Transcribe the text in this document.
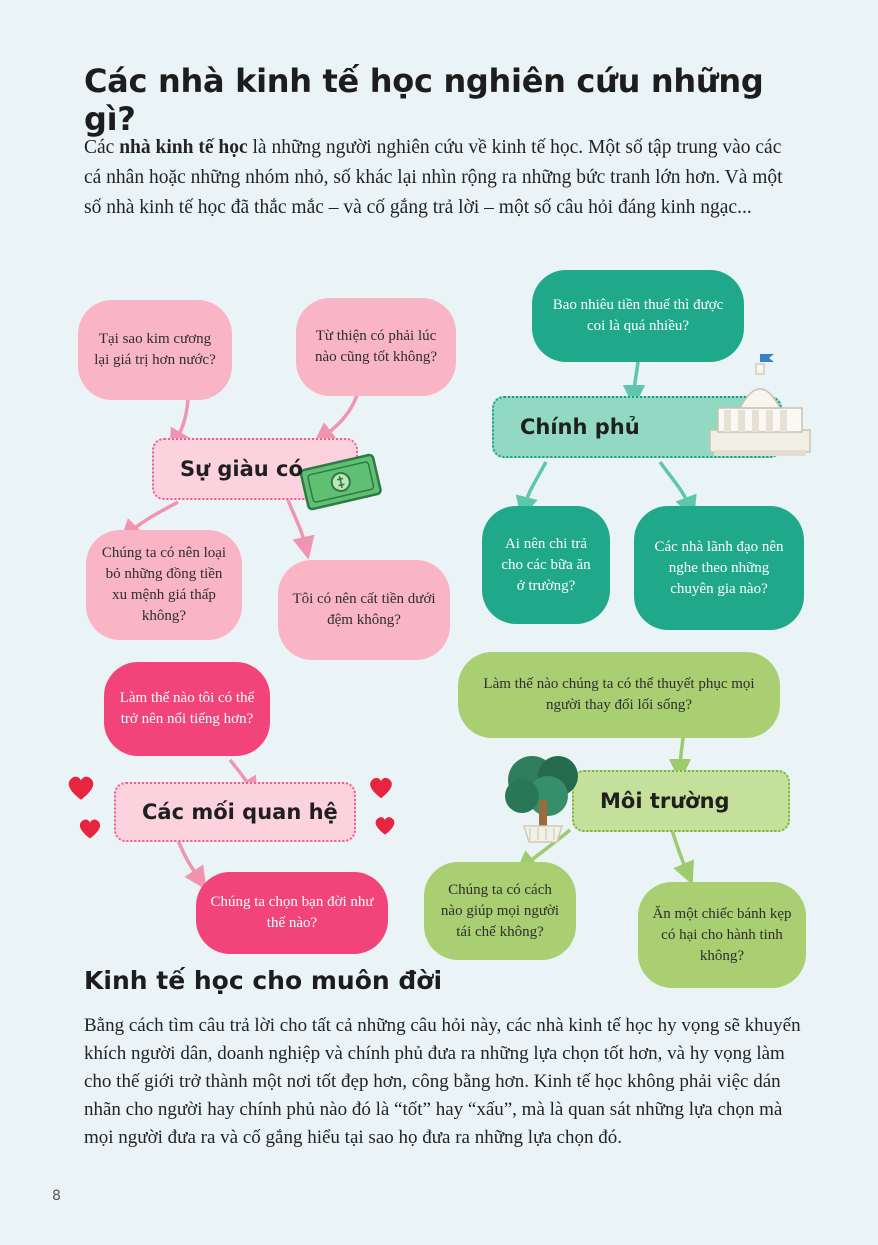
Các nhà kinh tế học nghiên cứu những gì?
Các nhà kinh tế học là những người nghiên cứu về kinh tế học. Một số tập trung vào các cá nhân hoặc những nhóm nhỏ, số khác lại nhìn rộng ra những bức tranh lớn hơn. Và một số nhà kinh tế học đã thắc mắc – và cố gắng trả lời – một số câu hỏi đáng kinh ngạc...
Tại sao kim cương lại giá trị hơn nước?
Từ thiện có phải lúc nào cũng tốt không?
Chúng ta có nên loại bỏ những đồng tiền xu mệnh giá thấp không?
Tôi có nên cất tiền dưới đệm không?
Làm thế nào tôi có thể trở nên nổi tiếng hơn?
Chúng ta chọn bạn đời như thế nào?
Bao nhiêu tiền thuế thì được coi là quá nhiều?
Ai nên chi trả cho các bữa ăn ở trường?
Các nhà lãnh đạo nên nghe theo những chuyên gia nào?
Làm thế nào chúng ta có thể thuyết phục mọi người thay đổi lối sống?
Chúng ta có cách nào giúp mọi người tái chế không?
Ăn một chiếc bánh kẹp có hại cho hành tinh không?
Sự giàu có
Chính phủ
Các mối quan hệ	Môi trường
Kinh tế học cho muôn đời
Bằng cách tìm câu trả lời cho tất cả những câu hỏi này, các nhà kinh tế học hy vọng sẽ khuyến khích người dân, doanh nghiệp và chính phủ đưa ra những lựa chọn tốt hơn, và hy vọng làm cho thế giới trở thành một nơi tốt đẹp hơn, công bằng hơn. Kinh tế học không phải việc dán nhãn cho người hay chính phủ nào đó là “tốt” hay “xấu”, mà là quan sát những lựa chọn mà mọi người đưa ra và cố gắng hiểu tại sao họ đưa ra những lựa chọn đó.
8
